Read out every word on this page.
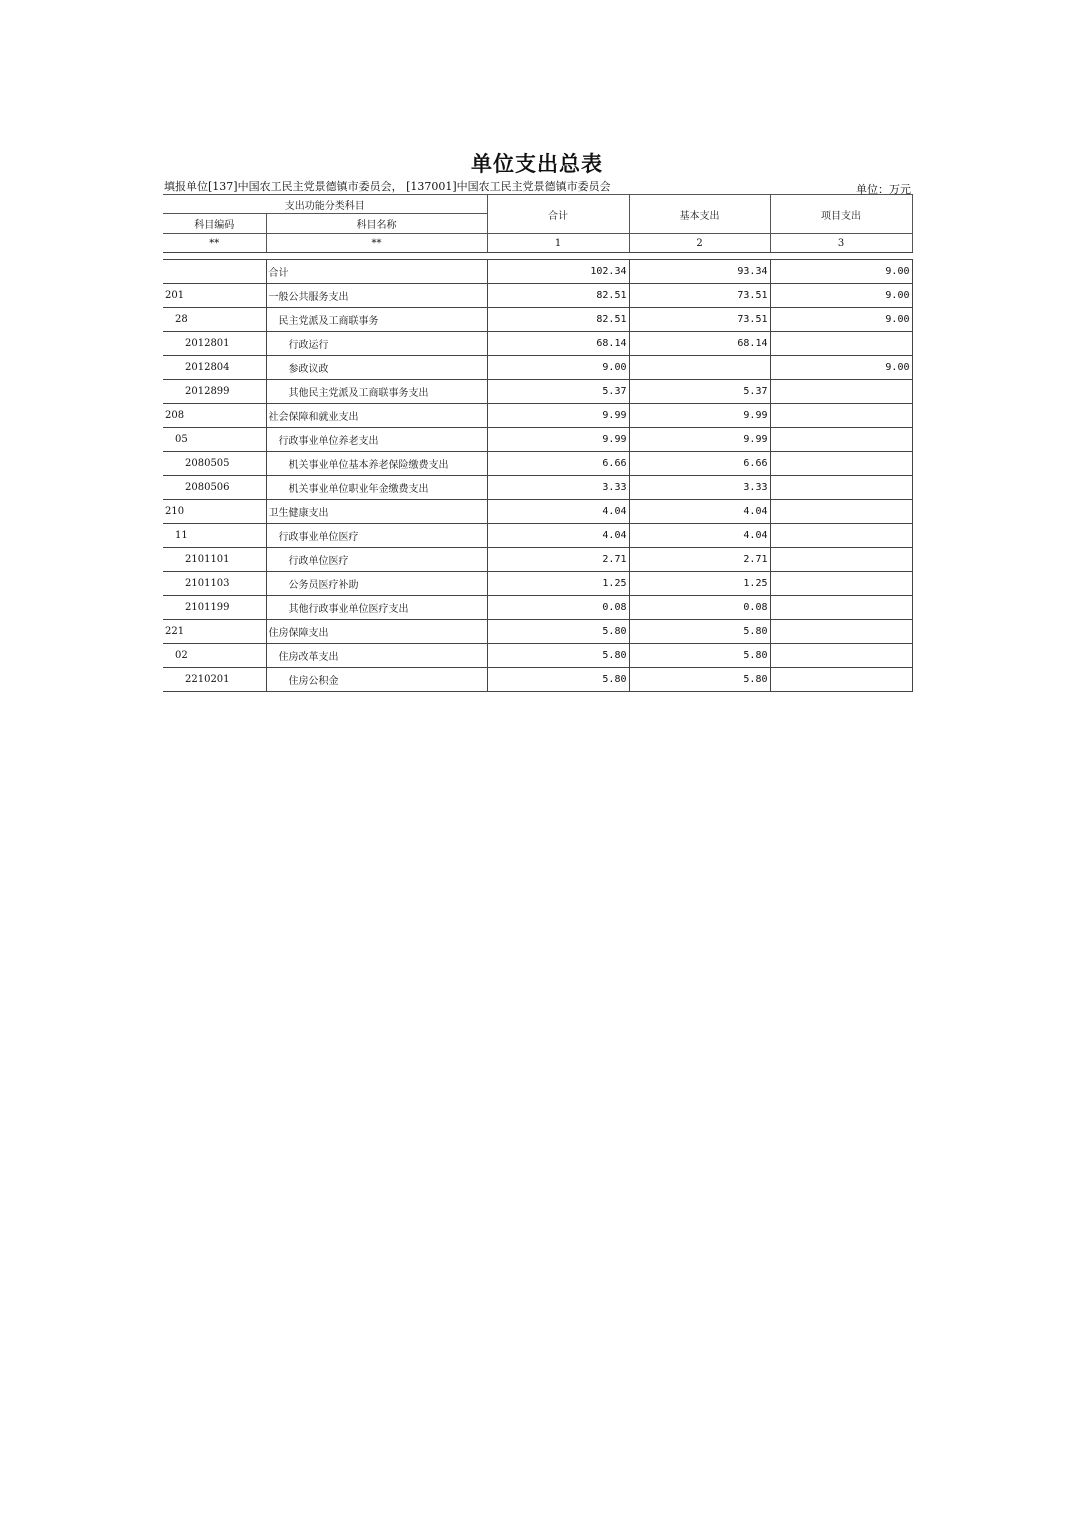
单位支出总表
填报单位[137]中国农工民主党景德镇市委员会， [137001]中国农工民主党景德镇市委员会	单位：万元
支出功能分类科目		合计	基本支出	项目支出
科目编码	科目名称			
**	**	1	2	3

	合计	102.34	93.34	9.00
201	一般公共服务支出	82.51	73.51	9.00
28	民主党派及工商联事务	82.51	73.51	9.00
2012801	行政运行	68.14	68.14	
2012804	参政议政	9.00		9.00
2012899	其他民主党派及工商联事务支出	5.37	5.37	
208	社会保障和就业支出	9.99	9.99	
05	行政事业单位养老支出	9.99	9.99	
2080505	机关事业单位基本养老保险缴费支出	6.66	6.66	
2080506	机关事业单位职业年金缴费支出	3.33	3.33	
210	卫生健康支出	4.04	4.04	
11	行政事业单位医疗	4.04	4.04	
2101101	行政单位医疗	2.71	2.71	
2101103	公务员医疗补助	1.25	1.25	
2101199	其他行政事业单位医疗支出	0.08	0.08	
221	住房保障支出	5.80	5.80	
02	住房改革支出	5.80	5.80	
2210201	住房公积金	5.80	5.80	
